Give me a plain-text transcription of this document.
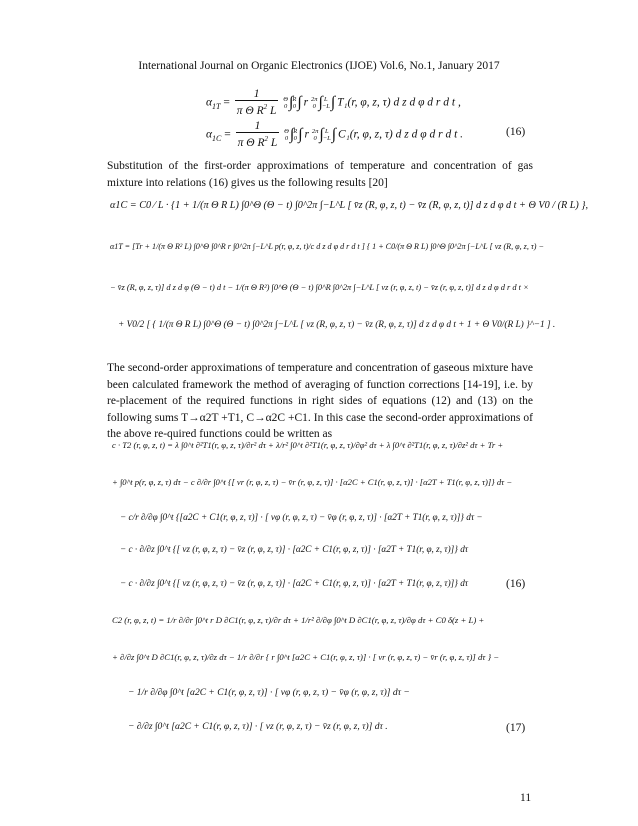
International Journal on Organic Electronics (IJOE) Vol.6, No.1, January 2017
$\alpha_{1T} = \frac{1}{\pi \Theta R^2 L}$ Θ
0 ∫R
0∫ r 2π
0 ∫ L
−L∫ T₁(r, φ, z, τ) d z d φ d r d t ,
$\alpha_{1C} = \frac{1}{\pi \Theta R^2 L}$ Θ
0 ∫R
0∫ r 2π
0 ∫ L
−L∫ C₁(r, φ, z, τ) d z d φ d r d t .	(16)
Substitution of the first-order approximations of temperature and concentration of gas mixture into relations (16) gives us the following results [20]
α1C = C0 ⁄ L · {1 + 1/(π Θ R L) ∫0^Θ (Θ − t) ∫0^2π ∫−L^L [ v̄z (R, φ, z, t) − v̄z (R, φ, z, t)] d z d φ d t + Θ V0 / (R L) },
α1T = [Tr + 1/(π Θ R² L) ∫0^Θ ∫0^R r ∫0^2π ∫−L^L p(r, φ, z, t)/c d z d φ d r d t ] { 1 + C0/(π Θ R L) ∫0^Θ ∫0^2π ∫−L^L [ vz (R, φ, z, τ) −
− v̄z (R, φ, z, τ)] d z d φ (Θ − t) d t − 1/(π Θ R²) ∫0^Θ (Θ − t) ∫0^R ∫0^2π ∫−L^L [ vz (r, φ, z, t) − v̄z (r, φ, z, t)] d z d φ d r d t ×
+ V0/2 [ { 1/(π Θ R L) ∫0^Θ (Θ − t) ∫0^2π ∫−L^L [ vz (R, φ, z, τ) − v̄z (R, φ, z, τ)] d z d φ d t + 1 + Θ V0/(R L) }^−1 ] .
The second-order approximations of temperature and concentration of gaseous mixture have been calculated framework the method of averaging of function corrections [14-19], i.e. by re-placement of the required functions in right sides of equations (12) and (13) on the following sums T→α2T +T1, C→α2C +C1. In this case the second-order approximations of the above re-quired functions could be written as
c · T2 (r, φ, z, t) = λ ∫0^t ∂²T1(r, φ, z, τ)/∂r² dτ + λ/r² ∫0^t ∂²T1(r, φ, z, τ)/∂φ² dτ + λ ∫0^t ∂²T1(r, φ, z, τ)/∂z² dτ + Tr +
+ ∫0^t p(r, φ, z, τ) dτ − c ∂/∂r ∫0^t {[ vr (r, φ, z, τ) − v̄r (r, φ, z, τ)] · [α2C + C1(r, φ, z, τ)] · [α2T + T1(r, φ, z, τ)]} dτ −
− c/r ∂/∂φ ∫0^t {[α2C + C1(r, φ, z, τ)] · [ vφ (r, φ, z, τ) − v̄φ (r, φ, z, τ)] · [α2T + T1(r, φ, z, τ)]} dτ −
− c · ∂/∂z ∫0^t {[ vz (r, φ, z, τ) − v̄z (r, φ, z, τ)] · [α2C + C1(r, φ, z, τ)] · [α2T + T1(r, φ, z, τ)]} dτ
− c · ∂/∂z ∫0^t {[ vz (r, φ, z, τ) − v̄z (r, φ, z, τ)] · [α2C + C1(r, φ, z, τ)] · [α2T + T1(r, φ, z, τ)]} dτ	(16)
C2 (r, φ, z, t) = 1/r ∂/∂r ∫0^t r D ∂C1(r, φ, z, τ)/∂r dτ + 1/r² ∂/∂φ ∫0^t D ∂C1(r, φ, z, τ)/∂φ dτ + C0 δ(z + L) +
+ ∂/∂z ∫0^t D ∂C1(r, φ, z, τ)/∂z dτ − 1/r ∂/∂r { r ∫0^t [α2C + C1(r, φ, z, τ)] · [ vr (r, φ, z, τ) − v̄r (r, φ, z, τ)] dτ } −
− 1/r ∂/∂φ ∫0^t [α2C + C1(r, φ, z, τ)] · [ vφ (r, φ, z, τ) − v̄φ (r, φ, z, τ)] dτ −
− ∂/∂z ∫0^t [α2C + C1(r, φ, z, τ)] · [ vz (r, φ, z, τ) − v̄z (r, φ, z, τ)] dτ .	(17)
11
